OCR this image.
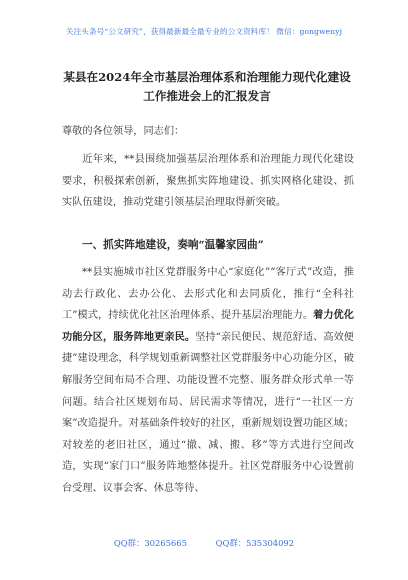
关注头条号“公文研究”，获得最新最全最专业的公文资料库！ 微信：gongwenyj
某县在2024年全市基层治理体系和治理能力现代化建设工作推进会上的汇报发言
尊敬的各位领导，同志们：

近年来，**县围绕加强基层治理体系和治理能力现代化建设要求，积极探索创新，聚焦抓实阵地建设、抓实网格化建设、抓实队伍建设，推动党建引领基层治理取得新突破。

一、抓实阵地建设，奏响“温馨家园曲”

**县实施城市社区党群服务中心“家庭化”“客厅式”改造，推动去行政化、去办公化、去形式化和去同质化，推行“全科社工”模式，持续优化社区治理体系、提升基层治理能力。着力优化功能分区，服务阵地更亲民。坚持“亲民便民、规范舒适、高效便捷”建设理念，科学规划重新调整社区党群服务中心功能分区，破解服务空间布局不合理、功能设置不完整、服务群众形式单一等问题。结合社区规划布局、居民需求等情况，进行“一社区一方案”改造提升。对基础条件较好的社区，重新规划设置功能区域；对较差的老旧社区，通过“撤、减、搬、移”等方式进行空间改造，实现“家门口”服务阵地整体提升。社区党群服务中心设置前台受理、议事会客、休息等待、

QQ群：30265665	QQ群：535304092
